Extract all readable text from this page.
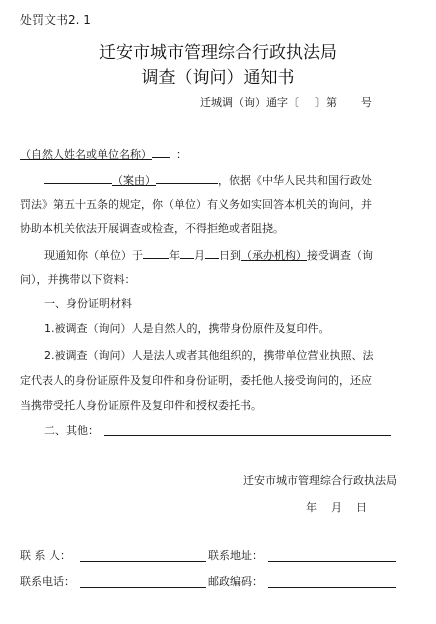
处罚文书2. 1
迁安市城市管理综合行政执法局
调查（询问）通知书
迁城调（询）通字〔 〕第 号
（自然人姓名或单位名称） ：
（案由）	，依据《中华人民共和国行政处
罚法》第五十五条的规定，你（单位）有义务如实回答本机关的询问，并
协助本机关依法开展调查或检查，不得拒绝或者阻挠。
现通知你（单位）于 年 月 日到（承办机构）接受调查（询
问），并携带以下资料：
一、身份证明材料
1.被调查（询问）人是自然人的，携带身份原件及复印件。
2.被调查（询问）人是法人或者其他组织的，携带单位营业执照、法
定代表人的身份证原件及复印件和身份证明，委托他人接受询问的，还应
当携带受托人身份证原件及复印件和授权委托书。
二、其他：
迁安市城市管理综合行政执法局
年    月    日
联 系 人：	联系地址：
联系电话：	邮政编码：
